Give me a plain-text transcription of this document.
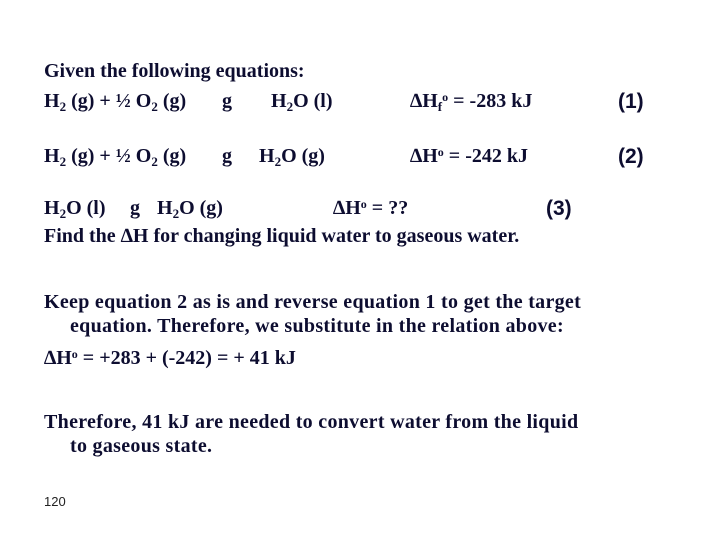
Given the following equations:
$H_2$ (g) + ½ $O_2$ (g) g $H_2O$ (l)	$\Delta H_f^o = -283$ kJ	(1)
$H_2$ (g) + ½ $O_2$ (g) g $H_2O$ (g)	$\Delta H^o = -242$ kJ	(2)
$H_2O$ (l) g $H_2O$ (g)	$\Delta H^o$ = ??	(3)
Find the ∆H for changing liquid water to gaseous water.
Keep equation 2 as is and reverse equation 1 to get the target
equation. Therefore, we substitute in the relation above:
$\Delta H^o = +283 + (-242)$ = + 41 kJ
Therefore, 41 kJ are needed to convert water from the liquid
to gaseous state.
120
